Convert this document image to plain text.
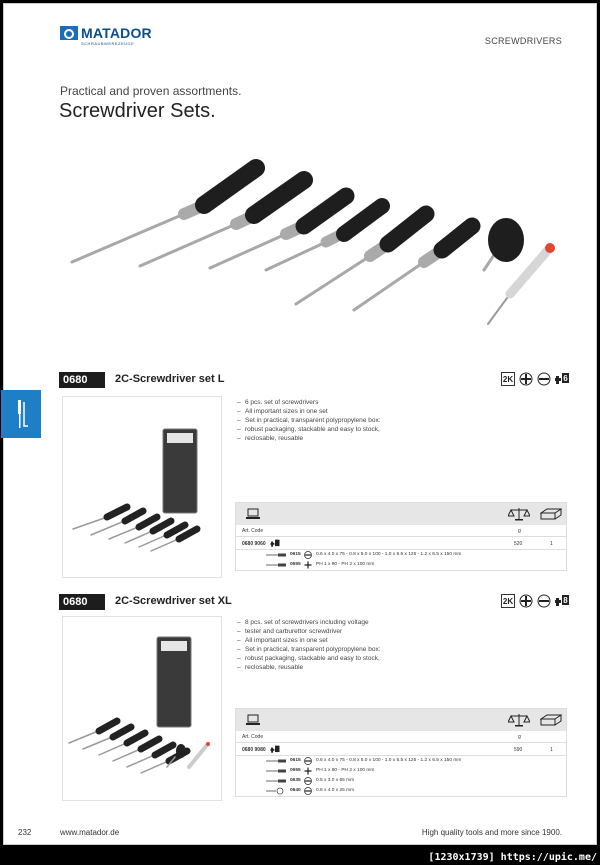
MATADOR
SCHRAUBWERKZEUGE	SCREWDRIVERS
Practical and proven assortments.
Screwdriver Sets.
0680	2C-Screwdriver set L	2K	6
– 6 pcs. set of screwdrivers
– All important sizes in one set
– Set in practical, transparent polypropylene box:
– robust packaging, stackable and easy to stock,
– reclosable, reusable
Art. Code	g
0680 9060	520	1
0615	0.6 x 4.0 x 75 - 0.8 x 5.0 x 100 - 1.0 x 5.5 x 125 - 1.2 x 6.5 x 150 mm
0655	PH 1 x 80 - PH 2 x 100 mm
0680	2C-Screwdriver set XL	2K	8
– 8 pcs. set of screwdrivers including voltage
– tester and carburettor screwdriver
– All important sizes in one set
– Set in practical, transparent polypropylene box:
– robust packaging, stackable and easy to stock,
– reclosable, reusable
Art. Code	g
0680 9080	590	1
0615	0.6 x 4.0 x 75 - 0.8 x 5.0 x 100 - 1.0 x 5.5 x 125 - 1.2 x 6.5 x 150 mm
0655	PH 1 x 80 - PH 2 x 100 mm
0635	0.5 x 3.0 x 65 mm
0640	0.8 x 4.0 x 25 mm
232	www.matador.de	High quality tools and more since 1900.
[1230x1739] https://upic.me/
